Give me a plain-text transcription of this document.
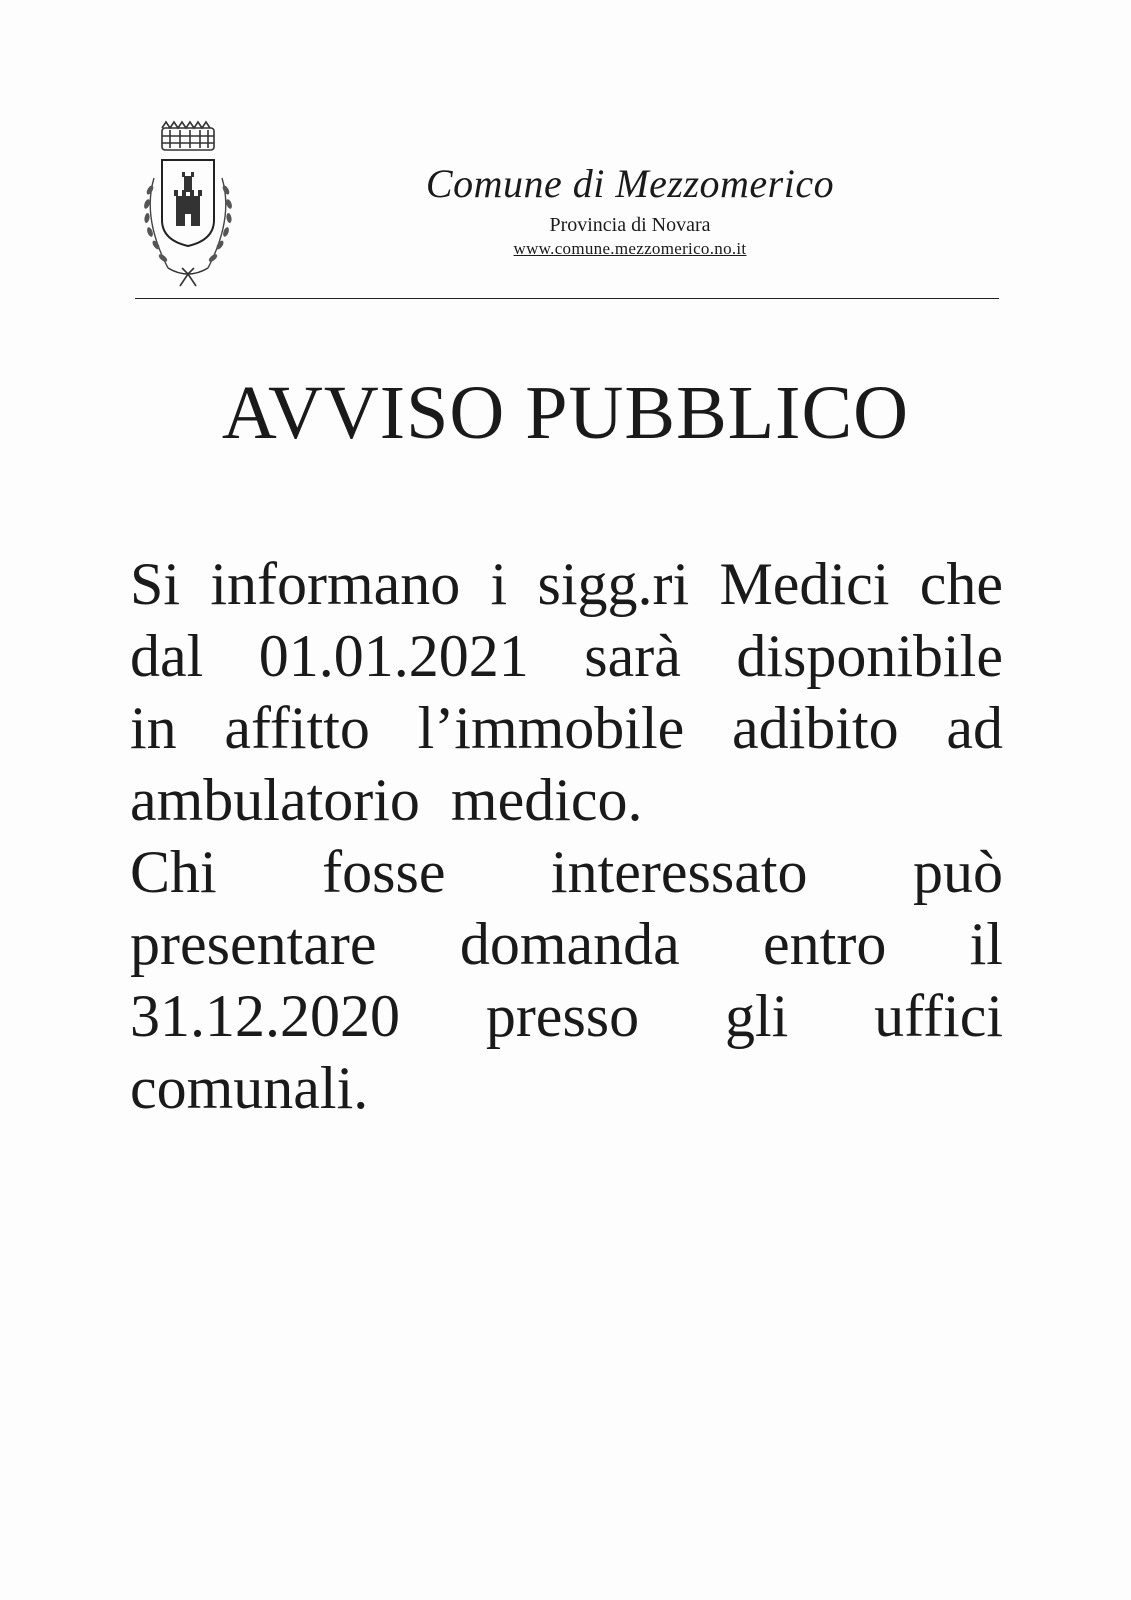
Comune di Mezzomerico
Provincia di Novara
www.comune.mezzomerico.no.it
AVVISO PUBBLICO
Si informano i sigg.ri Medici che
dal 01.01.2021 sarà disponibile
in affitto l’immobile adibito ad
ambulatorio medico.
Chi fosse interessato può
presentare domanda entro il
31.12.2020 presso gli uffici
comunali.
